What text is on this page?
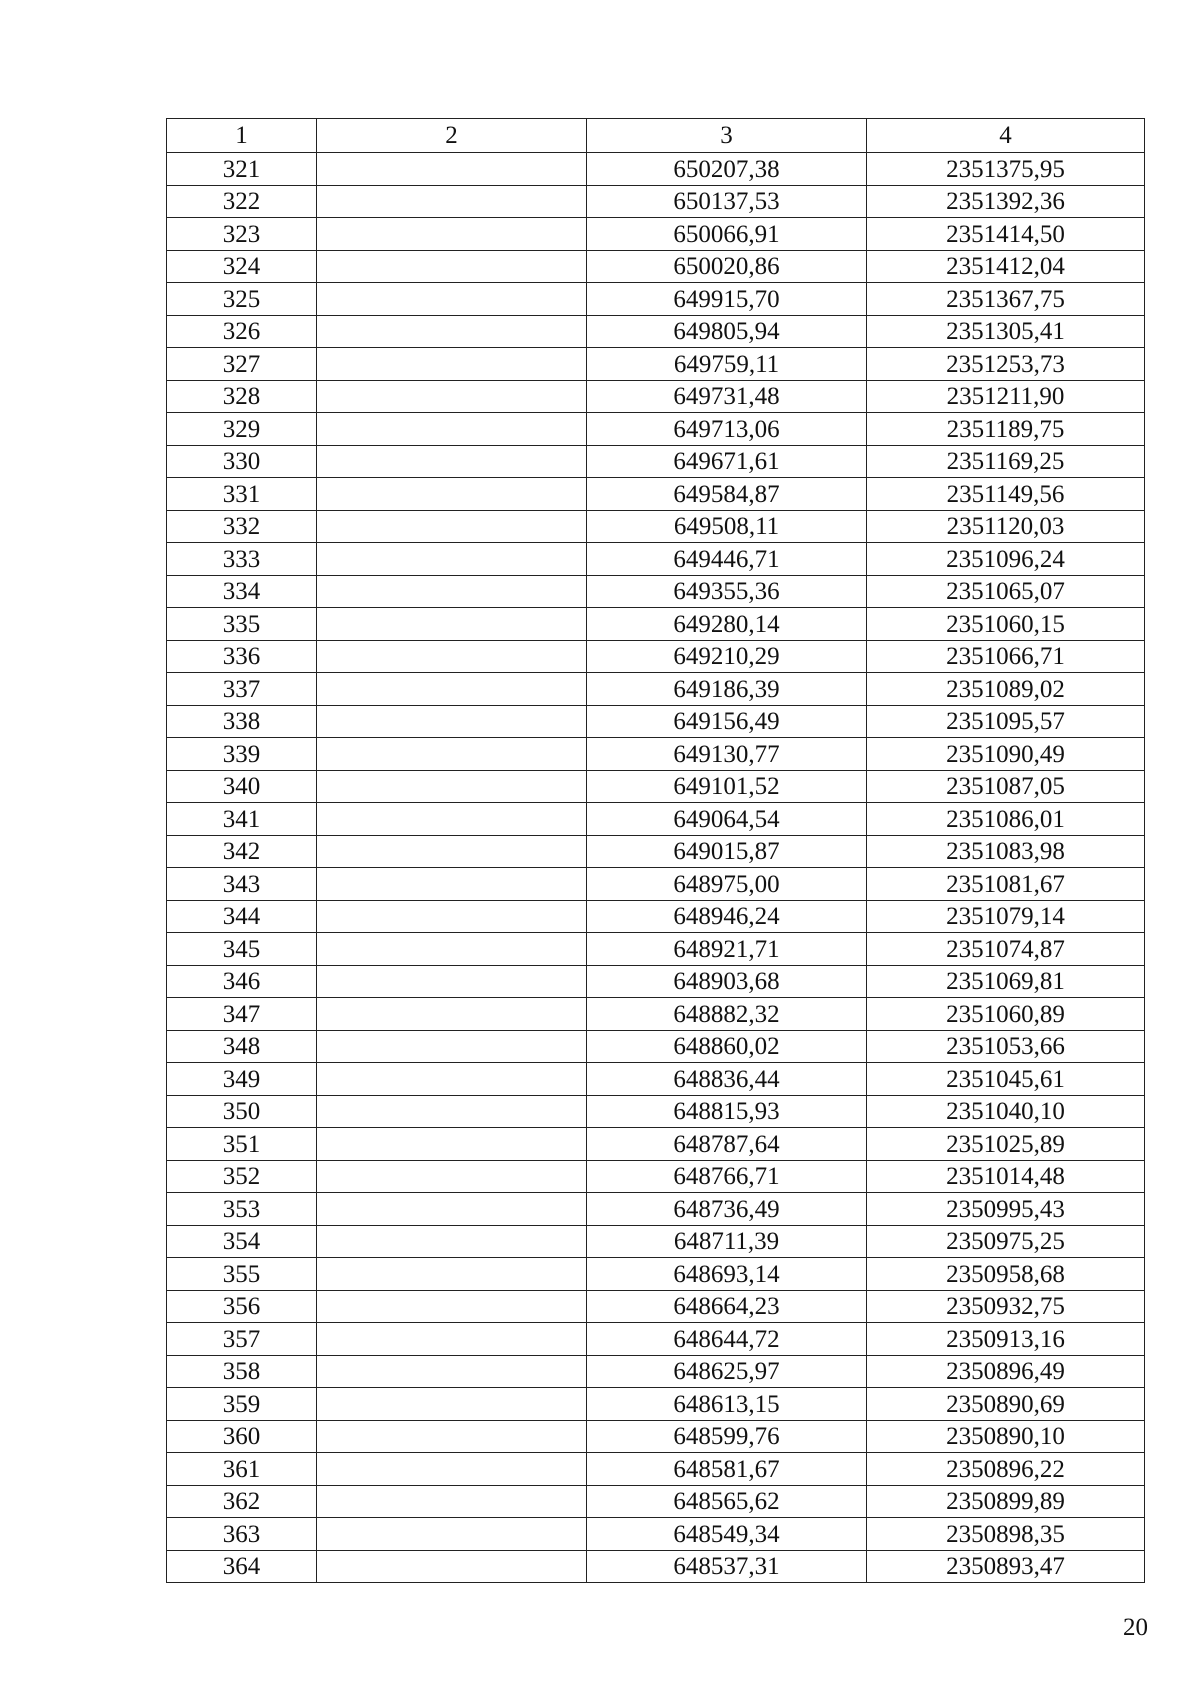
1	2	3	4
321		650207,38	2351375,95
322		650137,53	2351392,36
323		650066,91	2351414,50
324		650020,86	2351412,04
325		649915,70	2351367,75
326		649805,94	2351305,41
327		649759,11	2351253,73
328		649731,48	2351211,90
329		649713,06	2351189,75
330		649671,61	2351169,25
331		649584,87	2351149,56
332		649508,11	2351120,03
333		649446,71	2351096,24
334		649355,36	2351065,07
335		649280,14	2351060,15
336		649210,29	2351066,71
337		649186,39	2351089,02
338		649156,49	2351095,57
339		649130,77	2351090,49
340		649101,52	2351087,05
341		649064,54	2351086,01
342		649015,87	2351083,98
343		648975,00	2351081,67
344		648946,24	2351079,14
345		648921,71	2351074,87
346		648903,68	2351069,81
347		648882,32	2351060,89
348		648860,02	2351053,66
349		648836,44	2351045,61
350		648815,93	2351040,10
351		648787,64	2351025,89
352		648766,71	2351014,48
353		648736,49	2350995,43
354		648711,39	2350975,25
355		648693,14	2350958,68
356		648664,23	2350932,75
357		648644,72	2350913,16
358		648625,97	2350896,49
359		648613,15	2350890,69
360		648599,76	2350890,10
361		648581,67	2350896,22
362		648565,62	2350899,89
363		648549,34	2350898,35
364		648537,31	2350893,47
20
